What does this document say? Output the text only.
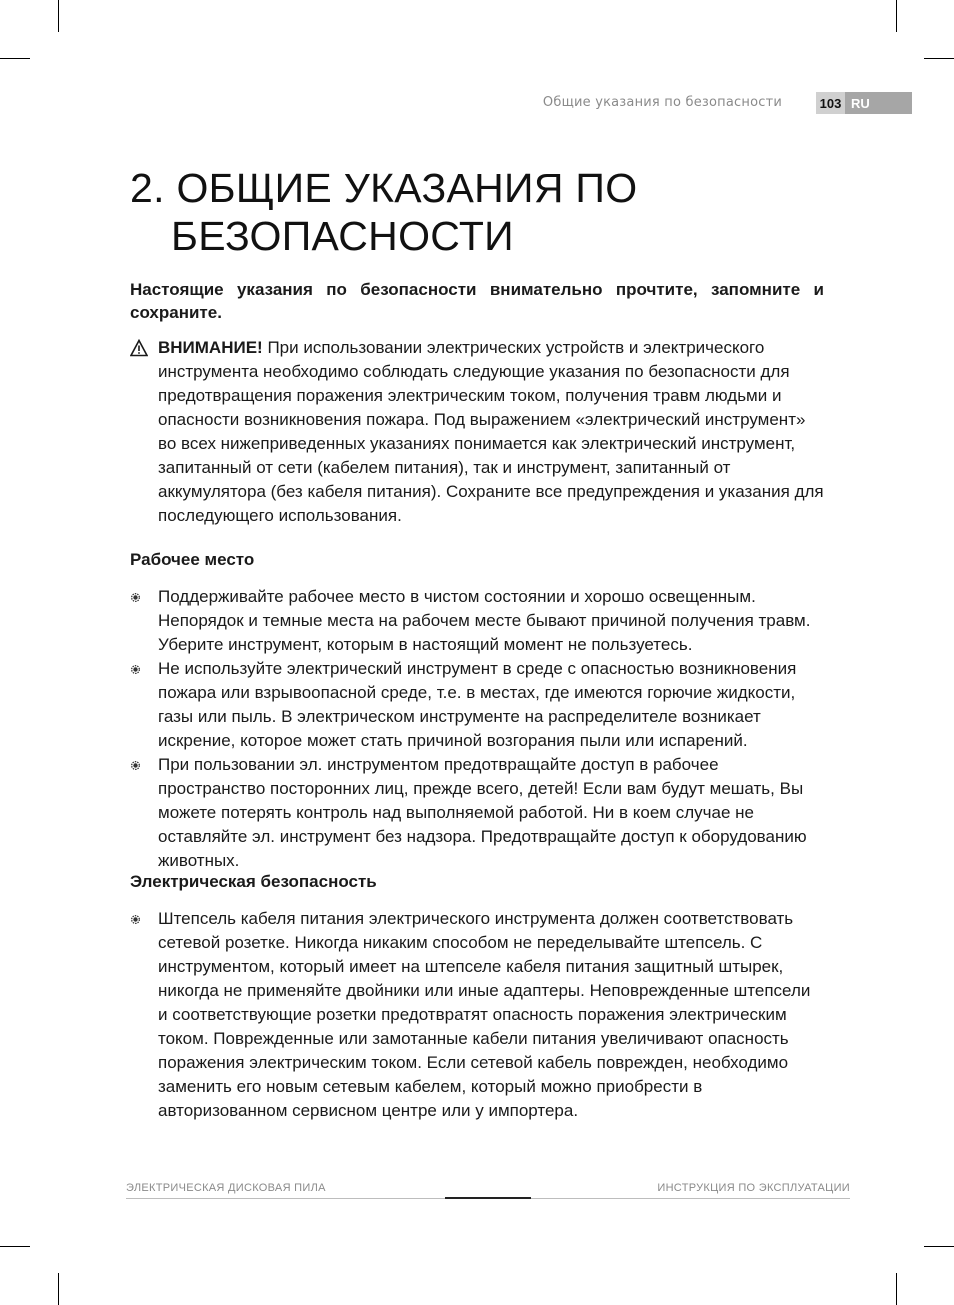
Общие указания по безопасности	103 RU
2. ОБЩИЕ УКАЗАНИЯ ПО
БЕЗОПАСНОСТИ
Настоящие указания по безопасности внимательно прочтите, запомните и сохраните.
ВНИМАНИЕ! При использовании электрических устройств и электрического инструмента необходимо соблюдать следующие указания по безопасности для предотвращения поражения электрическим током, получения травм людьми и опасности возникновения пожара. Под выражением «электрический инструмент» во всех нижеприведенных указаниях понимается как электрический инструмент, запитанный от сети (кабелем питания), так и инструмент, запитанный от аккумулятора (без кабеля питания). Сохраните все предупреждения и указания для последующего использования.
Рабочее место
Поддерживайте рабочее место в чистом состоянии и хорошо освещенным. Непорядок и темные места на рабочем месте бывают причиной получения травм. Уберите инструмент, которым в настоящий момент не пользуетесь.
Не используйте электрический инструмент в среде с опасностью возникновения пожара или взрывоопасной среде, т.е. в местах, где имеются горючие жидкости, газы или пыль. В электрическом инструменте на распределителе возникает искрение, которое может стать причиной возгорания пыли или испарений.
При пользовании эл. инструментом предотвращайте доступ в рабочее пространство посторонних лиц, прежде всего, детей! Если вам будут мешать, Вы можете потерять контроль над выполняемой работой. Ни в коем случае не оставляйте эл. инструмент без надзора. Предотвращайте доступ к оборудованию животных.
Электрическая безопасность
Штепсель кабеля питания электрического инструмента должен соответствовать сетевой розетке. Никогда никаким способом не переделывайте штепсель. С инструментом, который имеет на штепселе кабеля питания защитный штырек, никогда не применяйте двойники или иные адаптеры. Неповрежденные штепсели и соответствующие розетки предотвратят опасность поражения электрическим током. Поврежденные или замотанные кабели питания увеличивают опасность поражения электрическим током. Если сетевой кабель поврежден, необходимо заменить его новым сетевым кабелем, который можно приобрести в авторизованном сервисном центре или у импортера.
ЭЛЕКТРИЧЕСКАЯ ДИСКОВАЯ ПИЛА	ИНСТРУКЦИЯ ПО ЭКСПЛУАТАЦИИ
